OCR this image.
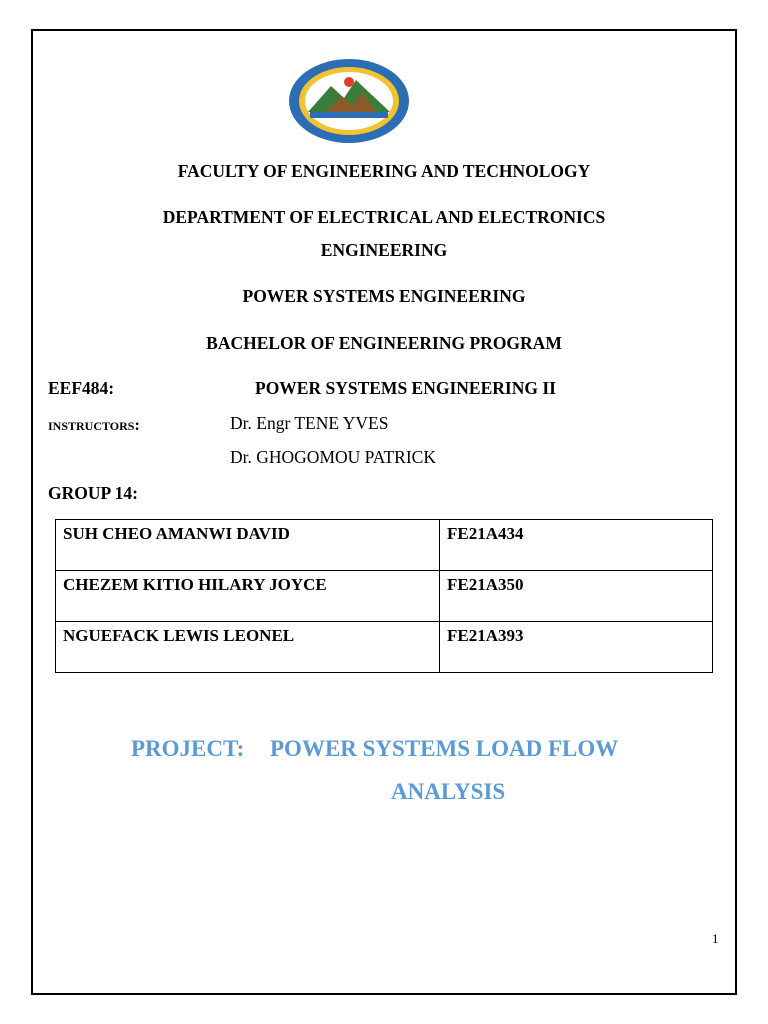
FACULTY OF ENGINEERING AND TECHNOLOGY
DEPARTMENT OF ELECTRICAL AND ELECTRONICS
ENGINEERING
POWER SYSTEMS ENGINEERING
BACHELOR OF ENGINEERING PROGRAM
EEF484:	POWER SYSTEMS ENGINEERING II
INSTRUCTORS:	Dr. Engr TENE YVES
Dr. GHOGOMOU PATRICK
GROUP 14:
SUH CHEO AMANWI DAVID	FE21A434
CHEZEM KITIO HILARY JOYCE	FE21A350
NGUEFACK LEWIS LEONEL	FE21A393
PROJECT: POWER SYSTEMS LOAD FLOW
ANALYSIS
1
